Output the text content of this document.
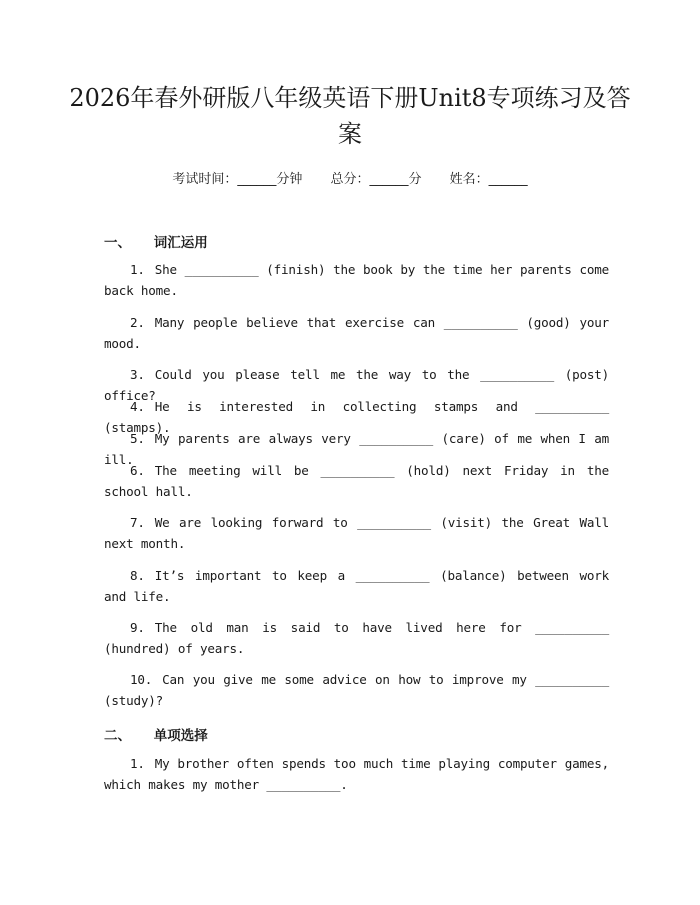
2026年春外研版八年级英语下册Unit8专项练习及答案
考试时间：______分钟 总分：______分 姓名：______
一、 词汇运用
1. She __________ (finish) the book by the time her parents come back home.
2. Many people believe that exercise can __________ (good) your mood.
3. Could you please tell me the way to the __________ (post) office?
4. He is interested in collecting stamps and __________ (stamps).
5. My parents are always very __________ (care) of me when I am ill.
6. The meeting will be __________ (hold) next Friday in the school hall.
7. We are looking forward to __________ (visit) the Great Wall next month.
8. It’s important to keep a __________ (balance) between work and life.
9. The old man is said to have lived here for __________ (hundred) of years.
10. Can you give me some advice on how to improve my __________ (study)?
二、 单项选择
1. My brother often spends too much time playing computer games, which makes my mother __________.
